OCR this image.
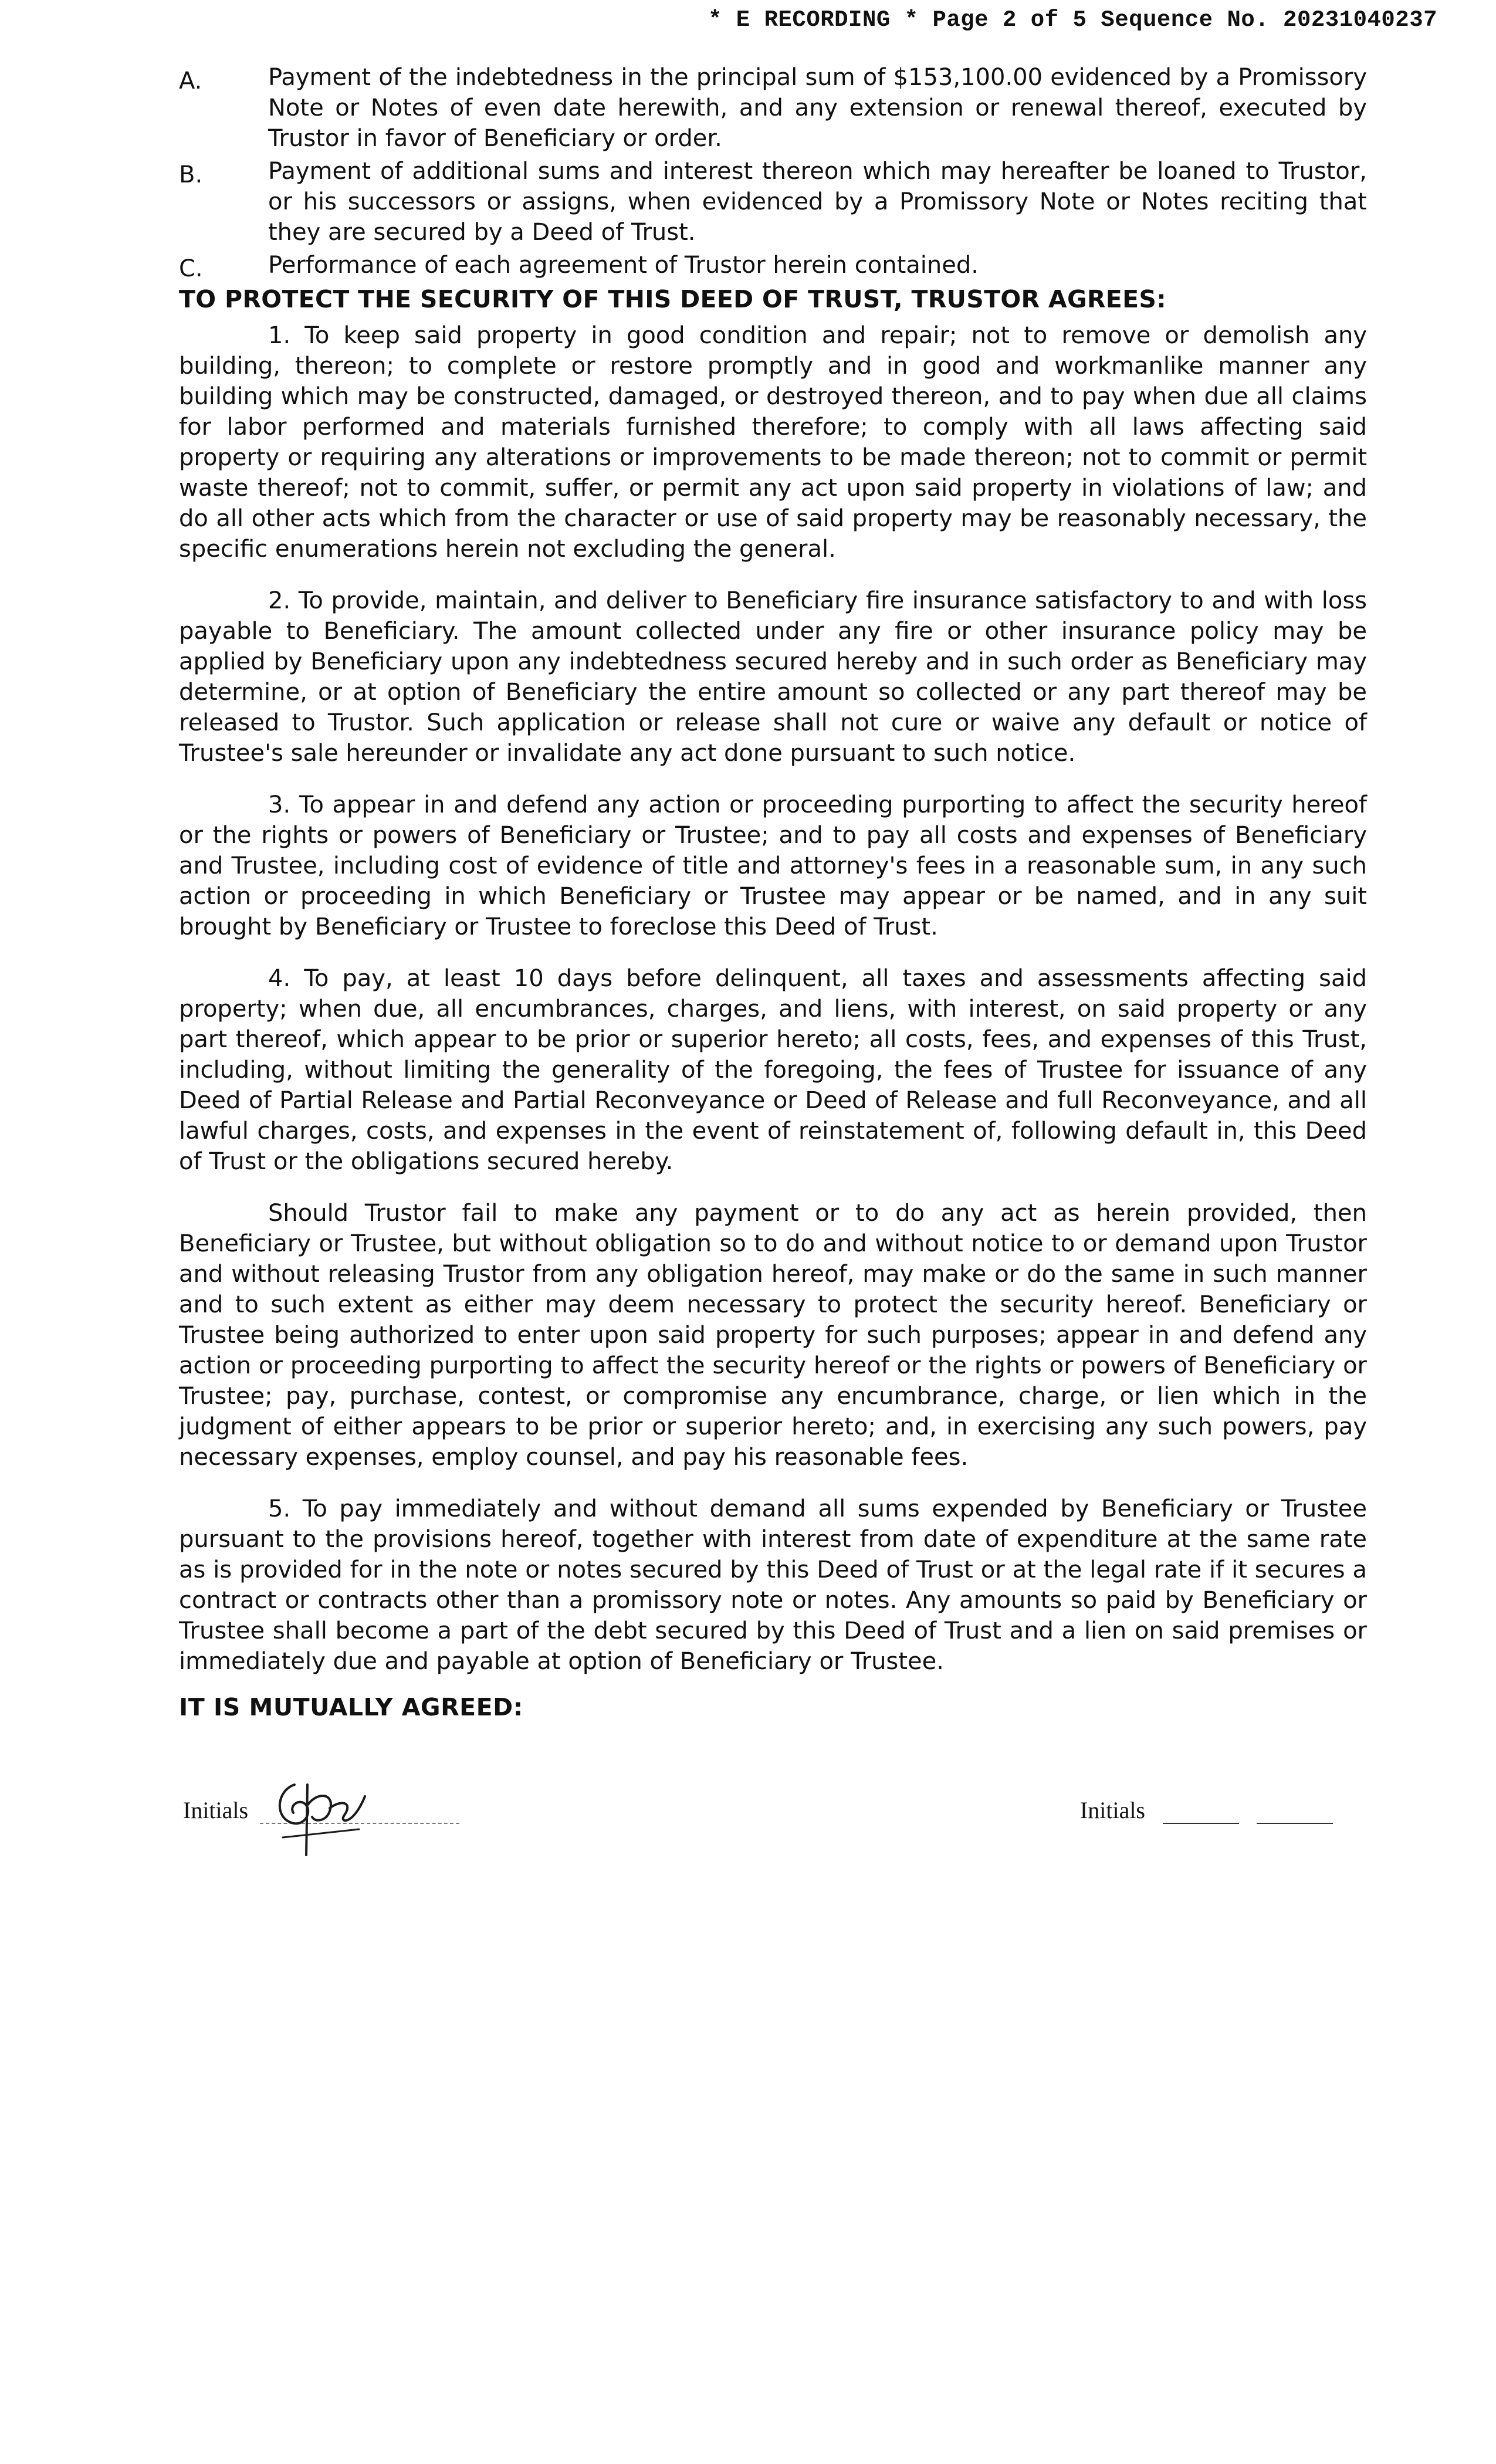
* E RECORDING * Page 2 of 5 Sequence No. 20231040237
A.	Payment of the indebtedness in the principal sum of $153,100.00 evidenced by a Promissory Note or Notes of even date herewith, and any extension or renewal thereof, executed by Trustor in favor of Beneficiary or order.
B.	Payment of additional sums and interest thereon which may hereafter be loaned to Trustor, or his successors or assigns, when evidenced by a Promissory Note or Notes reciting that they are secured by a Deed of Trust.
C.	Performance of each agreement of Trustor herein contained.
TO PROTECT THE SECURITY OF THIS DEED OF TRUST, TRUSTOR AGREES:

1. To keep said property in good condition and repair; not to remove or demolish any building, thereon; to complete or restore promptly and in good and workmanlike manner any building which may be constructed, damaged, or destroyed thereon, and to pay when due all claims for labor performed and materials furnished therefore; to comply with all laws affecting said property or requiring any alterations or improvements to be made thereon; not to commit or permit waste thereof; not to commit, suffer, or permit any act upon said property in violations of law; and do all other acts which from the character or use of said property may be reasonably necessary, the specific enumerations herein not excluding the general.

2. To provide, maintain, and deliver to Beneficiary fire insurance satisfactory to and with loss payable to Beneficiary. The amount collected under any fire or other insurance policy may be applied by Beneficiary upon any indebtedness secured hereby and in such order as Beneficiary may determine, or at option of Beneficiary the entire amount so collected or any part thereof may be released to Trustor. Such application or release shall not cure or waive any default or notice of Trustee's sale hereunder or invalidate any act done pursuant to such notice.

3. To appear in and defend any action or proceeding purporting to affect the security hereof or the rights or powers of Beneficiary or Trustee; and to pay all costs and expenses of Beneficiary and Trustee, including cost of evidence of title and attorney's fees in a reasonable sum, in any such action or proceeding in which Beneficiary or Trustee may appear or be named, and in any suit brought by Beneficiary or Trustee to foreclose this Deed of Trust.

4. To pay, at least 10 days before delinquent, all taxes and assessments affecting said property; when due, all encumbrances, charges, and liens, with interest, on said property or any part thereof, which appear to be prior or superior hereto; all costs, fees, and expenses of this Trust, including, without limiting the generality of the foregoing, the fees of Trustee for issuance of any Deed of Partial Release and Partial Reconveyance or Deed of Release and full Reconveyance, and all lawful charges, costs, and expenses in the event of reinstatement of, following default in, this Deed of Trust or the obligations secured hereby.

Should Trustor fail to make any payment or to do any act as herein provided, then Beneficiary or Trustee, but without obligation so to do and without notice to or demand upon Trustor and without releasing Trustor from any obligation hereof, may make or do the same in such manner and to such extent as either may deem necessary to protect the security hereof. Beneficiary or Trustee being authorized to enter upon said property for such purposes; appear in and defend any action or proceeding purporting to affect the security hereof or the rights or powers of Beneficiary or Trustee; pay, purchase, contest, or compromise any encumbrance, charge, or lien which in the judgment of either appears to be prior or superior hereto; and, in exercising any such powers, pay necessary expenses, employ counsel, and pay his reasonable fees.

5. To pay immediately and without demand all sums expended by Beneficiary or Trustee pursuant to the provisions hereof, together with interest from date of expenditure at the same rate as is provided for in the note or notes secured by this Deed of Trust or at the legal rate if it secures a contract or contracts other than a promissory note or notes. Any amounts so paid by Beneficiary or Trustee shall become a part of the debt secured by this Deed of Trust and a lien on said premises or immediately due and payable at option of Beneficiary or Trustee.

IT IS MUTUALLY AGREED:
Initials	Initials
